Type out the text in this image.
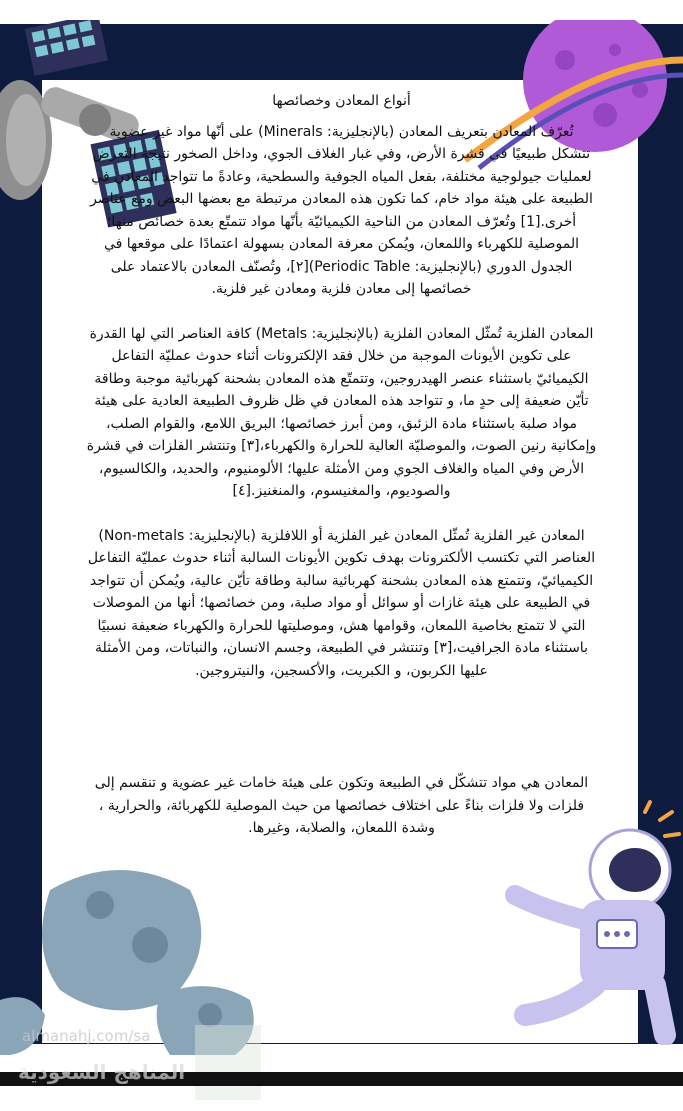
أنواع المعادن وخصائصها

تُعرّف المعادن بتعريف المعادن (بالإنجليزية: Minerals) على أنّها مواد غير عضوية

تتشكل طبيعيًا في قشرة الأرض، وفي غبار الغلاف الجوي، وداخل الصخور نتيجة التعرض

لعمليات جيولوجية مختلفة، بفعل المياه الجوفية والسطحية، وعادةً ما تتواجد المعادن في

الطبيعة على هيئة مواد خام، كما تكون هذه المعادن مرتبطة مع بعضها البعض ومع عناصر

أخرى.[1] وتُعرّف المعادن من الناحية الكيميائيّة بأنّها مواد تتمتّع بعدة خصائص منها؛

الموصلية للكهرباء واللمعان، ويُمكن معرفة المعادن بسهولة اعتمادًا على موقعها في

الجدول الدوري (بالإنجليزية: Periodic Table)[٢]، وتُصنّف المعادن بالاعتماد على

خصائصها إلى معادن فلزية ومعادن غير فلزية.

المعادن الفلزية تُمثّل المعادن الفلزية (بالإنجليزية: Metals) كافة العناصر التي لها القدرة

على تكوين الأيونات الموجبة من خلال فقد الإلكترونات أثناء حدوث عمليّة التفاعل

الكيميائيّ باستثناء عنصر الهيدروجين، وتتمتّع هذه المعادن بشحنة كهربائية موجبة وطاقة

تأيّن ضعيفة إلى حدٍ ما، و تتواجد هذه المعادن في ظل ظروف الطبيعة العادية على هيئة

مواد صلبة باستثناء مادة الزئبق، ومن أبرز خصائصها؛ البريق اللامع، والقوام الصلب،

وإمكانية رنين الصوت، والموصليّة العالية للحرارة والكهرباء،[٣] وتنتشر الفلزات في قشرة

الأرض وفي المياه والغلاف الجوي ومن الأمثلة عليها؛ الألومنيوم، والحديد، والكالسيوم،

والصوديوم، والمغنيسوم، والمنغنيز.[٤]

المعادن غير الفلزية تُمثّل المعادن غير الفلزية أو اللافلزية (بالإنجليزية: Non-metals)

العناصر التي تكتسب الألكترونات بهدف تكوين الأيونات السالبة أثناء حدوث عمليّة التفاعل

الكيميائيّ، وتتمتع هذه المعادن بشحنة كهربائية سالبة وطاقة تأيّن عالية، ويُمكن أن تتواجد

في الطبيعة على هيئة غازات أو سوائل أو مواد صلبة، ومن خصائصها؛ أنها من الموصلات

التي لا تتمتع بخاصية اللمعان، وقوامها هش، وموصليتها للحرارة والكهرباء ضعيفة نسبيًا

باستثناء مادة الجرافيت،[٣] وتنتشر في الطبيعة، وجسم الانسان، والنباتات، ومن الأمثلة

عليها الكربون، و الكبريت، والأكسجين، والنيتروجين.

المعادن هي مواد تتشكّل في الطبيعة وتكون على هيئة خامات غير عضوية و تنقسم إلى

فلزات ولا فلزات بناءً على اختلاف خصائصها من حيث الموصلية للكهربائة، والحرارية ،

وشدة اللمعان، والصلابة، وغيرها.

almanahj.com/sa
المناهج السعودية
